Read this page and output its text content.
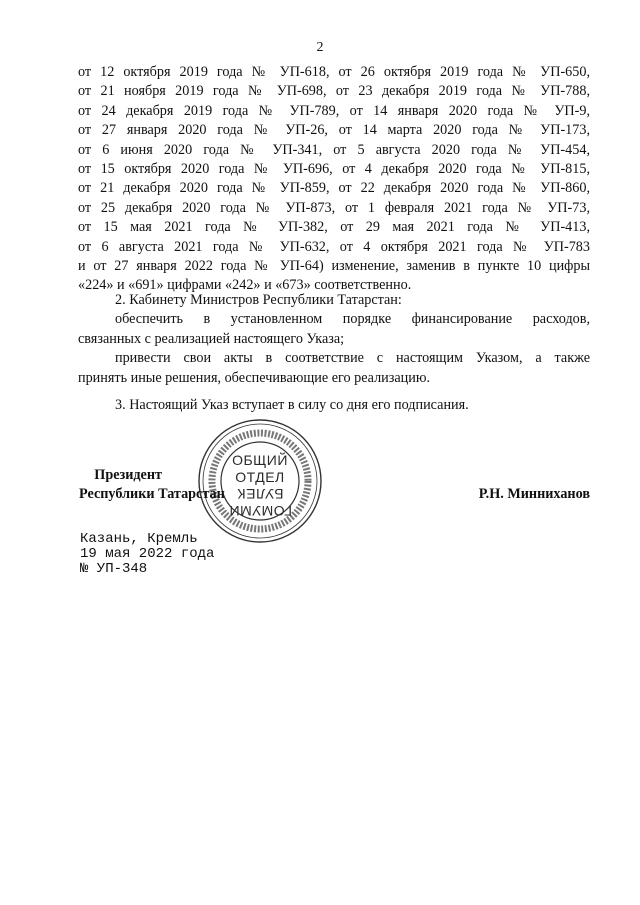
2
от 12 октября 2019 года № УП-618, от 26 октября 2019 года № УП-650,
от 21 ноября 2019 года № УП-698, от 23 декабря 2019 года № УП-788,
от 24 декабря 2019 года № УП-789, от 14 января 2020 года № УП-9,
от 27 января 2020 года № УП-26, от 14 марта 2020 года № УП-173,
от 6 июня 2020 года № УП-341, от 5 августа 2020 года № УП-454,
от 15 октября 2020 года № УП-696, от 4 декабря 2020 года № УП-815,
от 21 декабря 2020 года № УП-859, от 22 декабря 2020 года № УП-860,
от 25 декабря 2020 года № УП-873, от 1 февраля 2021 года № УП-73,
от 15 мая 2021 года № УП-382, от 29 мая 2021 года № УП-413,
от 6 августа 2021 года № УП-632, от 4 октября 2021 года № УП-783
и от 27 января 2022 года № УП-64) изменение, заменив в пункте 10 цифры
«224» и «691» цифрами «242» и «673» соответственно.
2. Кабинету Министров Республики Татарстан:
обеспечить в установленном порядке финансирование расходов,
связанных с реализацией настоящего Указа;
привести свои акты в соответствие с настоящим Указом, а также
принять иные решения, обеспечивающие его реализацию.
3. Настоящий Указ вступает в силу со дня его подписания.
ОБЩИЙ
ОТДЕЛ
БУЛЕК
ГОМУМИ
Президент
Республики Татарстан	Р.Н. Минниханов
Казань, Кремль
19 мая 2022 года
№ УП-348
